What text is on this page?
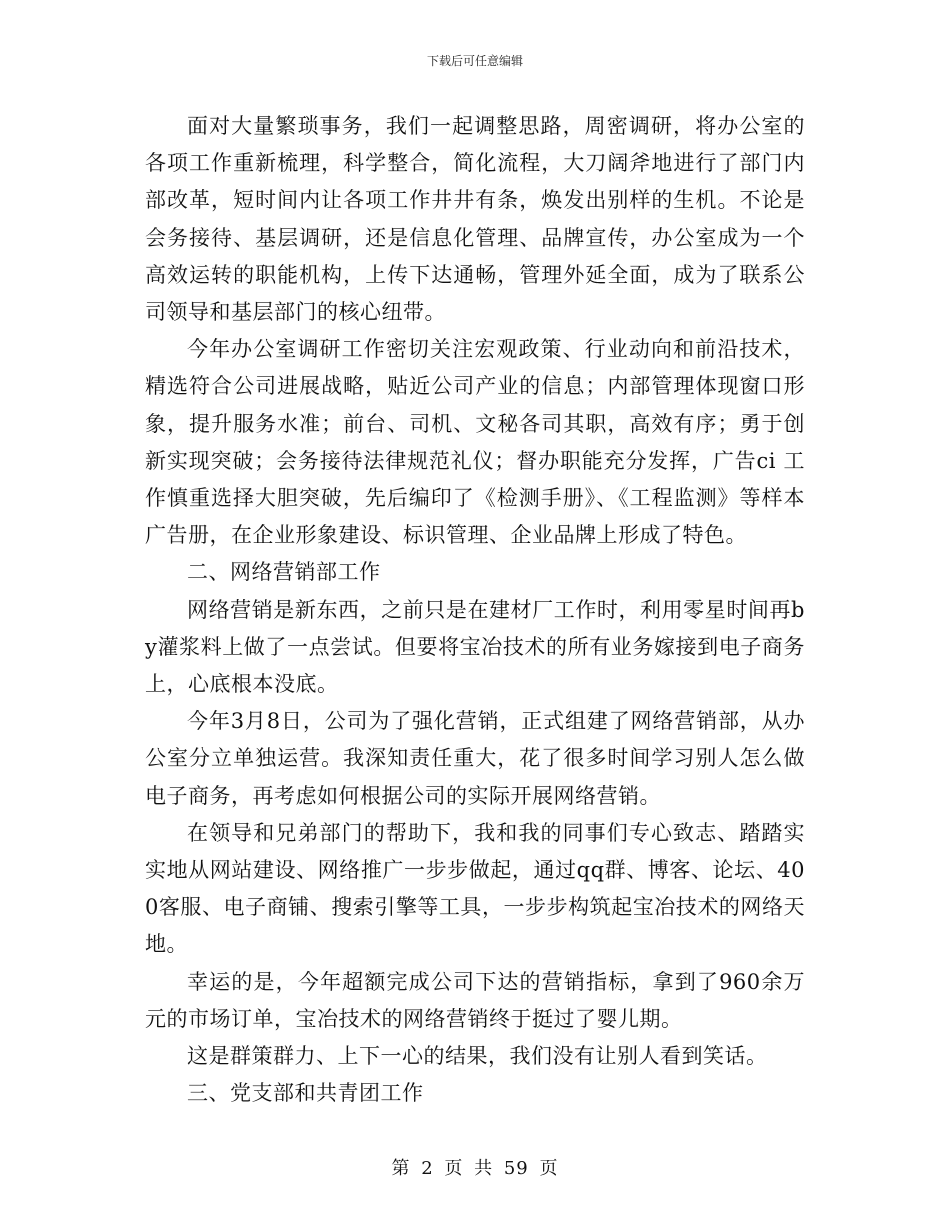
下载后可任意编辑

面对大量繁琐事务，我们一起调整思路，周密调研，将办公室的各项工作重新梳理，科学整合，简化流程，大刀阔斧地进行了部门内部改革，短时间内让各项工作井井有条，焕发出别样的生机。不论是会务接待、基层调研，还是信息化管理、品牌宣传，办公室成为一个高效运转的职能机构，上传下达通畅，管理外延全面，成为了联系公司领导和基层部门的核心纽带。

今年办公室调研工作密切关注宏观政策、行业动向和前沿技术，精选符合公司进展战略，贴近公司产业的信息；内部管理体现窗口形象，提升服务水准；前台、司机、文秘各司其职，高效有序；勇于创新实现突破；会务接待法律规范礼仪；督办职能充分发挥，广告ci 工作慎重选择大胆突破，先后编印了《检测手册》、《工程监测》等样本广告册，在企业形象建设、标识管理、企业品牌上形成了特色。

二、网络营销部工作

网络营销是新东西，之前只是在建材厂工作时，利用零星时间再by灌浆料上做了一点尝试。但要将宝冶技术的所有业务嫁接到电子商务上，心底根本没底。

今年3月8日，公司为了强化营销，正式组建了网络营销部，从办公室分立单独运营。我深知责任重大，花了很多时间学习别人怎么做电子商务，再考虑如何根据公司的实际开展网络营销。

在领导和兄弟部门的帮助下，我和我的同事们专心致志、踏踏实实地从网站建设、网络推广一步步做起，通过qq群、博客、论坛、400客服、电子商铺、搜索引擎等工具，一步步构筑起宝冶技术的网络天地。

幸运的是，今年超额完成公司下达的营销指标，拿到了960余万元的市场订单，宝冶技术的网络营销终于挺过了婴儿期。

这是群策群力、上下一心的结果，我们没有让别人看到笑话。

三、党支部和共青团工作

第 2 页 共 59 页
